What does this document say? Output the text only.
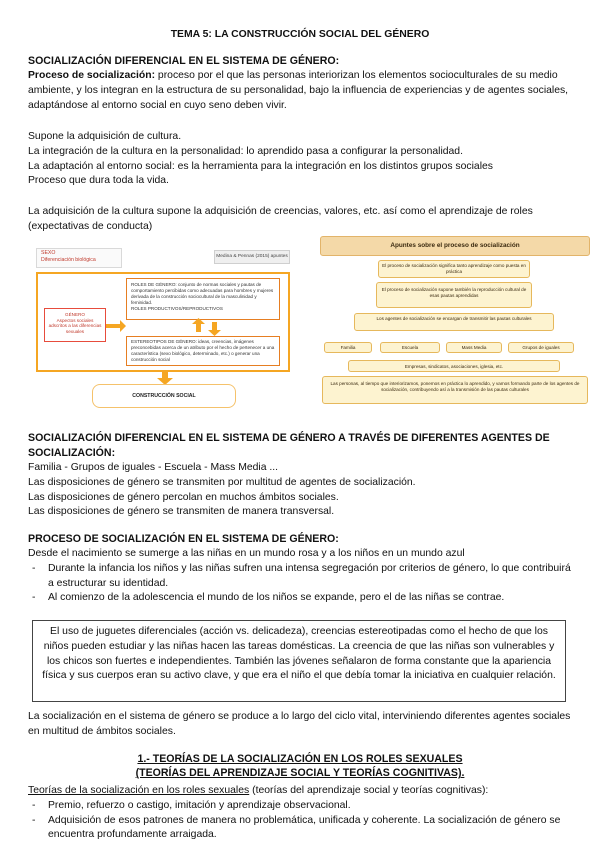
TEMA 5: LA CONSTRUCCIÓN SOCIAL DEL GÉNERO

SOCIALIZACIÓN DIFERENCIAL EN EL SISTEMA DE GÉNERO:

Proceso de socialización: proceso por el que las personas interiorizan los elementos socioculturales de su medio ambiente, y los integran en la estructura de su personalidad, bajo la influencia de experiencias y de agentes sociales, adaptándose al entorno social en cuyo seno deben vivir.

Supone la adquisición de cultura.

La integración de la cultura en la personalidad: lo aprendido pasa a configurar la personalidad.

La adaptación al entorno social: es la herramienta para la integración en los distintos grupos sociales

Proceso que dura toda la vida.

La adquisición de la cultura supone la adquisición de creencias, valores, etc. así como el aprendizaje de roles (expectativas de conducta)

SEXO
Diferenciación biológica	Medina & Pennas (2015) apuntes
GÉNERO
Aspectos sociales adscritos a las diferencias sexuales
ROLES DE GÉNERO: conjunto de normas sociales y pautas de comportamiento percibidas como adecuadas para hombres y mujeres derivada de la construcción sociocultural de la masculinidad y feminidad.
ROLES PRODUCTIVOS/REPRODUCTIVOS
ESTEREOTIPOS DE GÉNERO: ideas, creencias, imágenes preconcebidas acerca de un atributo por el hecho de pertenecer a una característica (sexo biológico, determinado, etc.) o generar una construcción social
CONSTRUCCIÓN SOCIAL
Apuntes sobre el proceso de socialización
El proceso de socialización significa tanto aprendizaje como puesta en práctica
El proceso de socialización supone también la reproducción cultural de esas pautas aprendidas
Los agentes de socialización se encargan de transmitir las pautas culturales
Familia	Escuela	Mass Media	Grupos de iguales
Empresas, sindicatos, asociaciones, iglesia, etc.
Las personas, al tiempo que interiorizamos, ponemos en práctica lo aprendido, y vamos formando parte de los agentes de socialización, contribuyendo así a la transmisión de las pautas culturales

SOCIALIZACIÓN DIFERENCIAL EN EL SISTEMA DE GÉNERO A TRAVÉS DE DIFERENTES AGENTES DE SOCIALIZACIÓN:

Familia - Grupos de iguales - Escuela - Mass Media ...

Las disposiciones de género se transmiten por multitud de agentes de socialización.

Las disposiciones de género percolan en muchos ámbitos sociales.

Las disposiciones de género se transmiten de manera transversal.

PROCESO DE SOCIALIZACIÓN EN EL SISTEMA DE GÉNERO:

Desde el nacimiento se sumerge a las niñas en un mundo rosa y a los niños en un mundo azul

- Durante la infancia los niños y las niñas sufren una intensa segregación por criterios de género, lo que contribuirá a estructurar su identidad.
- Al comienzo de la adolescencia el mundo de los niños se expande, pero el de las niñas se contrae.
El uso de juguetes diferenciales (acción vs. delicadeza), creencias estereotipadas como el hecho de que los niños pueden estudiar y las niñas hacen las tareas domésticas. La creencia de que las niñas son vulnerables y los chicos son fuertes e independientes. También las jóvenes señalaron de forma constante que la apariencia física y sus cuerpos eran su activo clave, y que era el niño el que debía tomar la iniciativa en cualquier relación.

La socialización en el sistema de género se produce a lo largo del ciclo vital, interviniendo diferentes agentes sociales en multitud de ámbitos sociales.

1.- TEORÍAS DE LA SOCIALIZACIÓN EN LOS ROLES SEXUALES
(TEORÍAS DEL APRENDIZAJE SOCIAL Y TEORÍAS COGNITIVAS).

Teorías de la socialización en los roles sexuales (teorías del aprendizaje social y teorías cognitivas):

- Premio, refuerzo o castigo, imitación y aprendizaje observacional.
- Adquisición de esos patrones de manera no problemática, unificada y coherente. La socialización de género se encuentra profundamente arraigada.
